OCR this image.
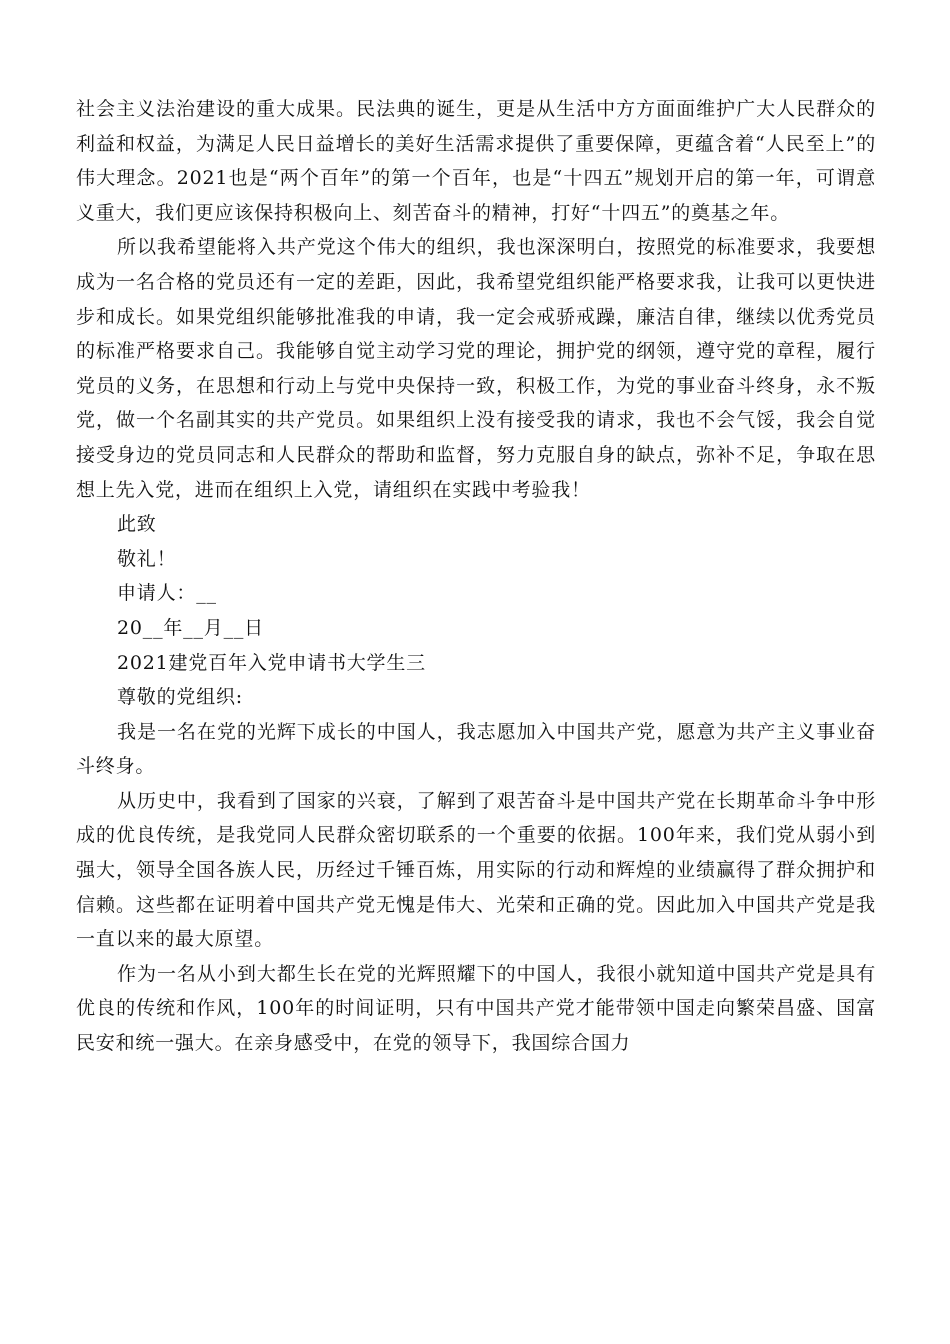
社会主义法治建设的重大成果。民法典的诞生，更是从生活中方方面面维护广大人民群众的利益和权益，为满足人民日益增长的美好生活需求提供了重要保障，更蕴含着“人民至上”的伟大理念。2021也是“两个百年”的第一个百年，也是“十四五”规划开启的第一年，可谓意义重大，我们更应该保持积极向上、刻苦奋斗的精神，打好“十四五”的奠基之年。

所以我希望能将入共产党这个伟大的组织，我也深深明白，按照党的标准要求，我要想成为一名合格的党员还有一定的差距，因此，我希望党组织能严格要求我，让我可以更快进步和成长。如果党组织能够批准我的申请，我一定会戒骄戒躁，廉洁自律，继续以优秀党员的标准严格要求自己。我能够自觉主动学习党的理论，拥护党的纲领，遵守党的章程，履行党员的义务，在思想和行动上与党中央保持一致，积极工作，为党的事业奋斗终身，永不叛党，做一个名副其实的共产党员。如果组织上没有接受我的请求，我也不会气馁，我会自觉接受身边的党员同志和人民群众的帮助和监督，努力克服自身的缺点，弥补不足，争取在思想上先入党，进而在组织上入党，请组织在实践中考验我！

此致

敬礼！

申请人：__

20__年__月__日

2021建党百年入党申请书大学生三

尊敬的党组织:

我是一名在党的光辉下成长的中国人，我志愿加入中国共产党，愿意为共产主义事业奋斗终身。

从历史中，我看到了国家的兴衰，了解到了艰苦奋斗是中国共产党在长期革命斗争中形成的优良传统，是我党同人民群众密切联系的一个重要的依据。100年来，我们党从弱小到强大，领导全国各族人民，历经过千锤百炼，用实际的行动和辉煌的业绩赢得了群众拥护和信赖。这些都在证明着中国共产党无愧是伟大、光荣和正确的党。因此加入中国共产党是我一直以来的最大原望。

作为一名从小到大都生长在党的光辉照耀下的中国人，我很小就知道中国共产党是具有优良的传统和作风，100年的时间证明，只有中国共产党才能带领中国走向繁荣昌盛、国富民安和统一强大。在亲身感受中，在党的领导下，我国综合国力
